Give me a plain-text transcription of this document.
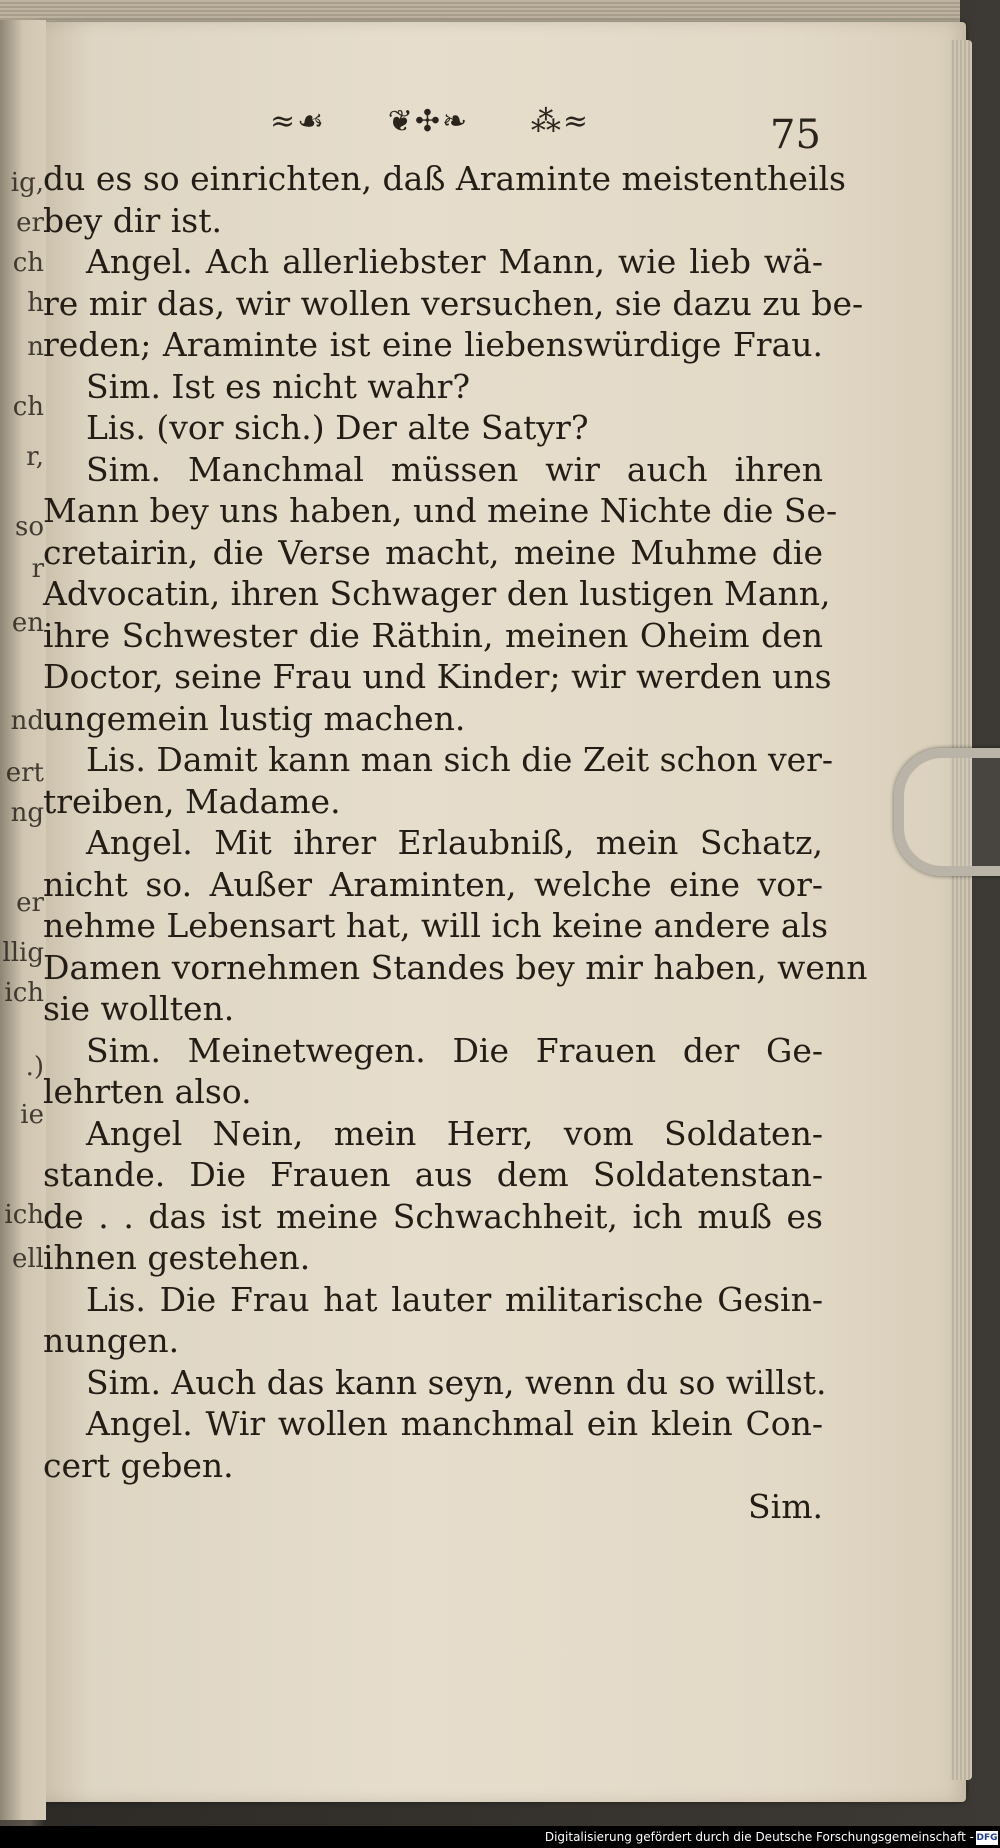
ig,
er
ch
h
n
ch
r,
so
r
en
nd
ert
ng
er
llig
ich
.)
ie
ich
ell
≈☙ ❦✣❧ ⁂≈	75
du es so einrichten, daß Araminte meistentheils
bey dir ist.
Angel. Ach allerliebster Mann, wie lieb wä-
re mir das, wir wollen versuchen, sie dazu zu be-
reden; Araminte ist eine liebenswürdige Frau.
Sim. Ist es nicht wahr?
Lis. (vor sich.) Der alte Satyr?
Sim. Manchmal müssen wir auch ihren
Mann bey uns haben, und meine Nichte die Se-
cretairin, die Verse macht, meine Muhme die
Advocatin, ihren Schwager den lustigen Mann,
ihre Schwester die Räthin, meinen Oheim den
Doctor, seine Frau und Kinder; wir werden uns
ungemein lustig machen.
Lis. Damit kann man sich die Zeit schon ver-
treiben, Madame.
Angel. Mit ihrer Erlaubniß, mein Schatz,
nicht so. Außer Araminten, welche eine vor-
nehme Lebensart hat, will ich keine andere als
Damen vornehmen Standes bey mir haben, wenn
sie wollten.
Sim. Meinetwegen. Die Frauen der Ge-
lehrten also.
Angel Nein, mein Herr, vom Soldaten-
stande. Die Frauen aus dem Soldatenstan-
de . . das ist meine Schwachheit, ich muß es
ihnen gestehen.
Lis. Die Frau hat lauter militarische Gesin-
nungen.
Sim. Auch das kann seyn, wenn du so willst.
Angel. Wir wollen manchmal ein klein Con-
cert geben.
Sim.
Digitalisierung gefördert durch die Deutsche Forschungsgemeinschaft - DFG
